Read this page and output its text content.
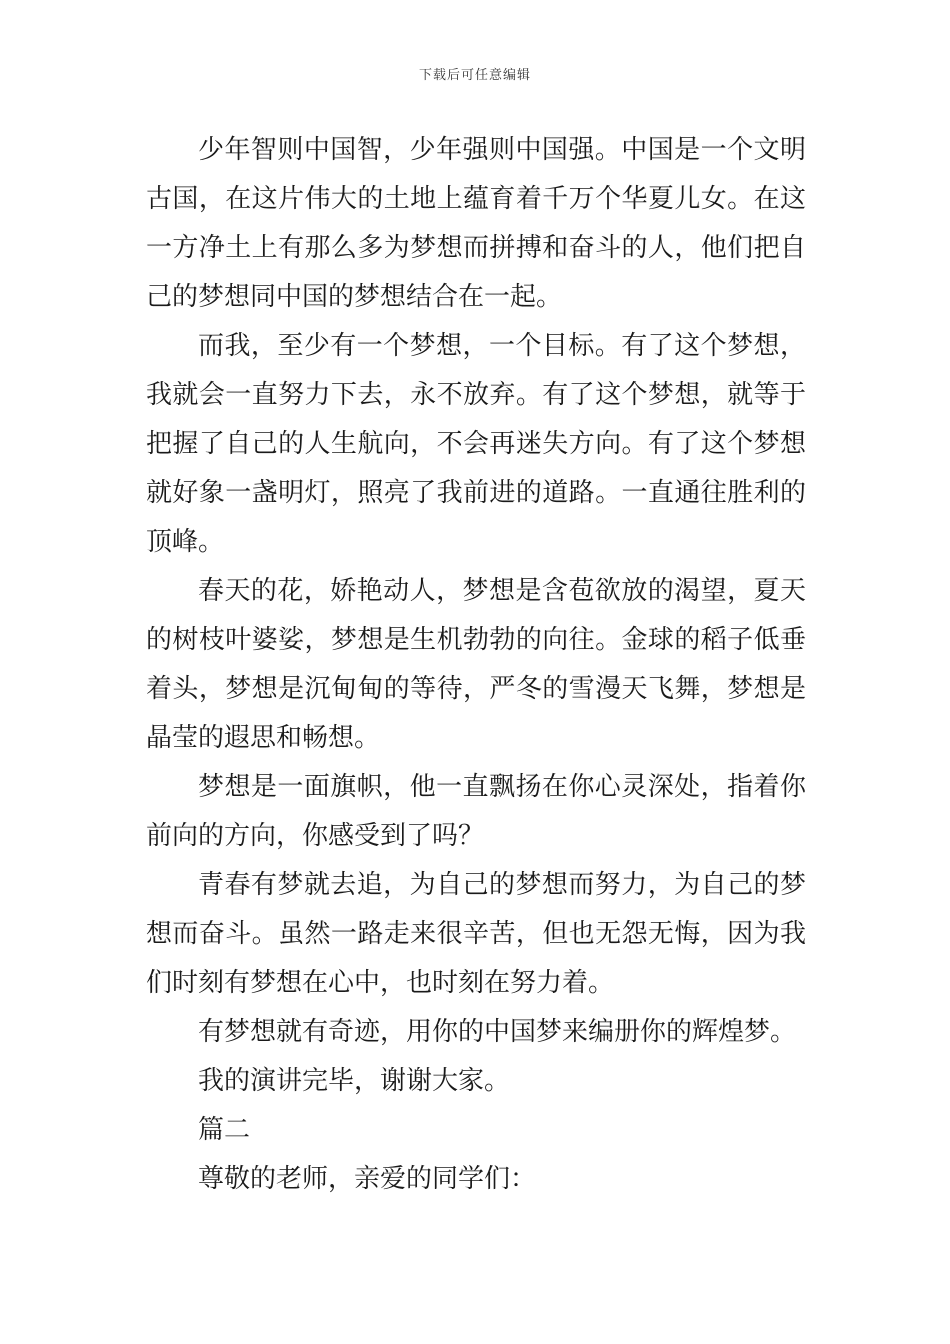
下载后可任意编辑

少年智则中国智，少年强则中国强。中国是一个文明古国，在这片伟大的土地上蕴育着千万个华夏儿女。在这一方净土上有那么多为梦想而拼搏和奋斗的人，他们把自己的梦想同中国的梦想结合在一起。

而我，至少有一个梦想，一个目标。有了这个梦想，我就会一直努力下去，永不放弃。有了这个梦想，就等于把握了自己的人生航向，不会再迷失方向。有了这个梦想就好象一盏明灯，照亮了我前进的道路。一直通往胜利的顶峰。

春天的花，娇艳动人，梦想是含苞欲放的渴望，夏天的树枝叶婆娑，梦想是生机勃勃的向往。金球的稻子低垂着头，梦想是沉甸甸的等待，严冬的雪漫天飞舞，梦想是晶莹的遐思和畅想。

梦想是一面旗帜，他一直飘扬在你心灵深处，指着你前向的方向，你感受到了吗？

青春有梦就去追，为自己的梦想而努力，为自己的梦想而奋斗。虽然一路走来很辛苦，但也无怨无悔，因为我们时刻有梦想在心中，也时刻在努力着。

有梦想就有奇迹，用你的中国梦来编册你的辉煌梦。

我的演讲完毕，谢谢大家。

篇二

尊敬的老师，亲爱的同学们：
